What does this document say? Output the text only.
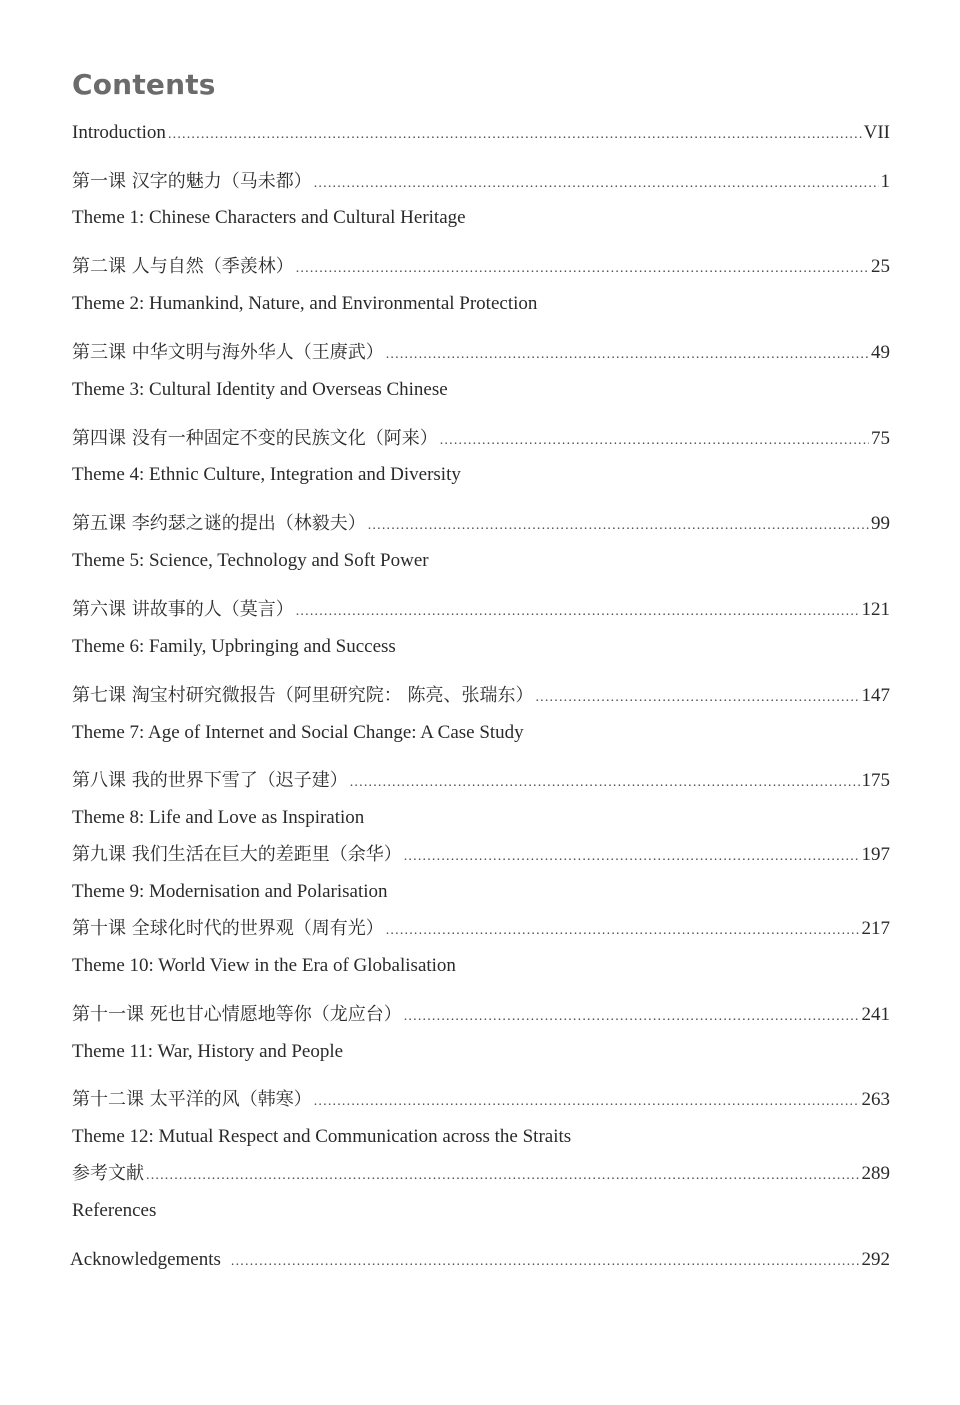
Contents
Introduction .....	VII
第一课 汉字的魅力（马未都） .....	1
Theme 1: Chinese Characters and Cultural Heritage
第二课 人与自然（季羡林） .....	25
Theme 2: Humankind, Nature, and Environmental Protection
第三课 中华文明与海外华人（王赓武） .....	49
Theme 3: Cultural Identity and Overseas Chinese
第四课 没有一种固定不变的民族文化（阿来） .....	75
Theme 4: Ethnic Culture, Integration and Diversity
第五课 李约瑟之谜的提出（林毅夫） .....	99
Theme 5: Science, Technology and Soft Power
第六课 讲故事的人（莫言） .....	121
Theme 6: Family, Upbringing and Success
第七课 淘宝村研究微报告（阿里研究院： 陈亮、张瑞东） .....	147
Theme 7: Age of Internet and Social Change: A Case Study
第八课 我的世界下雪了（迟子建） .....	175
Theme 8: Life and Love as Inspiration
第九课 我们生活在巨大的差距里（余华） .....	197
Theme 9: Modernisation and Polarisation
第十课 全球化时代的世界观（周有光） .....	217
Theme 10: World View in the Era of Globalisation
第十一课 死也甘心情愿地等你（龙应台） .....	241
Theme 11: War, History and People
第十二课 太平洋的风（韩寒） .....	263
Theme 12: Mutual Respect and Communication across the Straits
参考文献 .....	289
References
Acknowledgements .....	292
